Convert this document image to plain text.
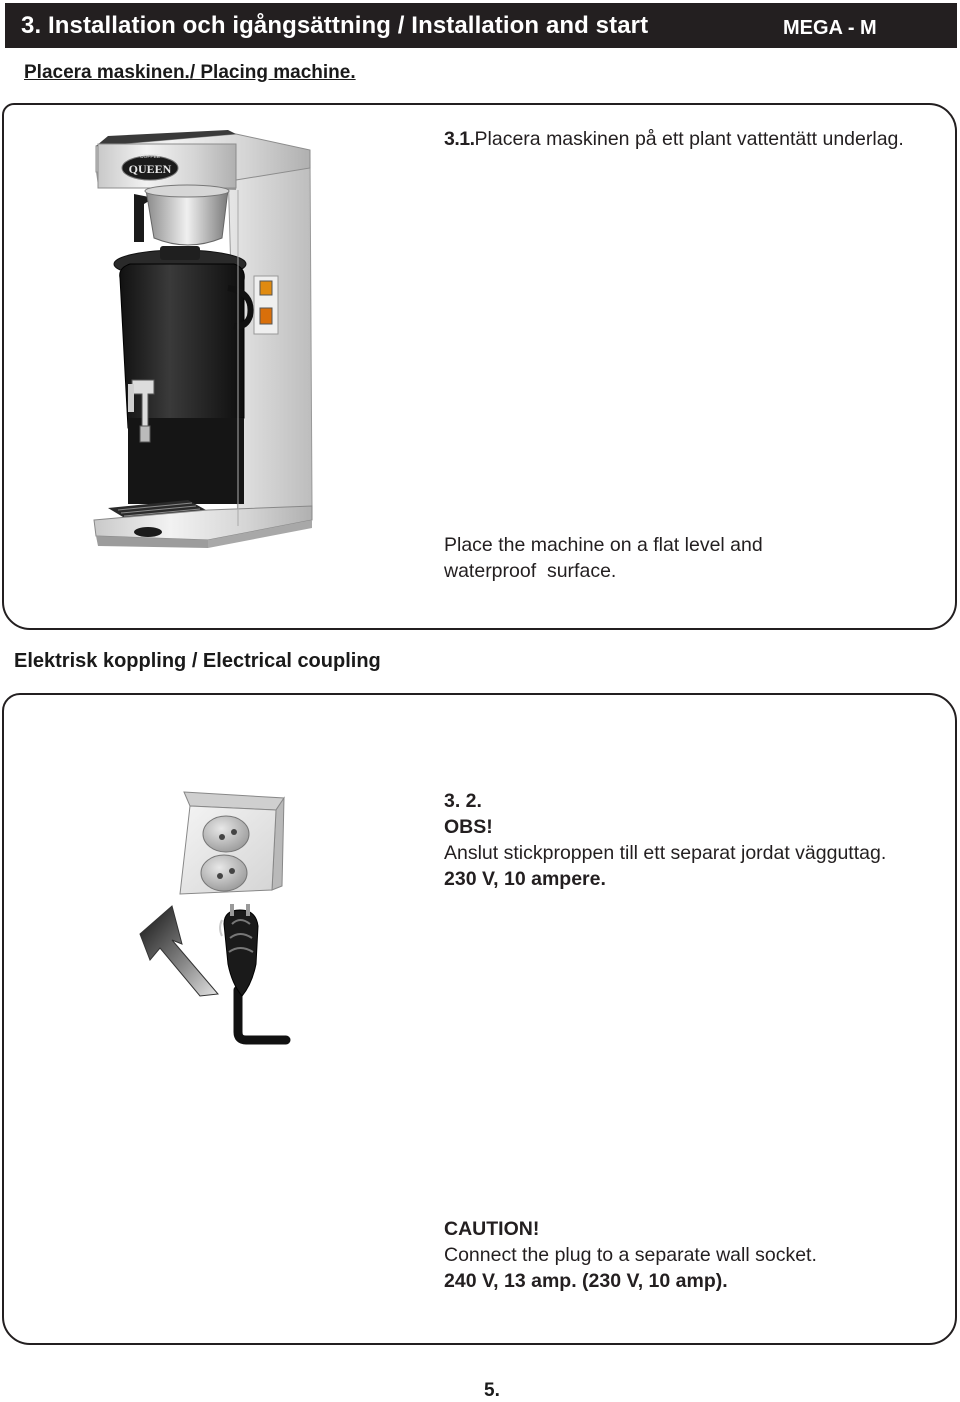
3. Installation och igångsättning / Installation and start	MEGA - M
Placera maskinen./ Placing machine.
COFFEE
QUEEN
3.1.Placera maskinen på ett plant vattentätt underlag.
Place the machine on a flat level and
waterproof  surface.
Elektrisk koppling / Electrical coupling
3. 2.
OBS!
Anslut stickproppen till ett separat jordat vägguttag.
230 V, 10 ampere.
CAUTION!
Connect the plug to a separate wall socket.
240 V, 13 amp. (230 V, 10 amp).
5.
